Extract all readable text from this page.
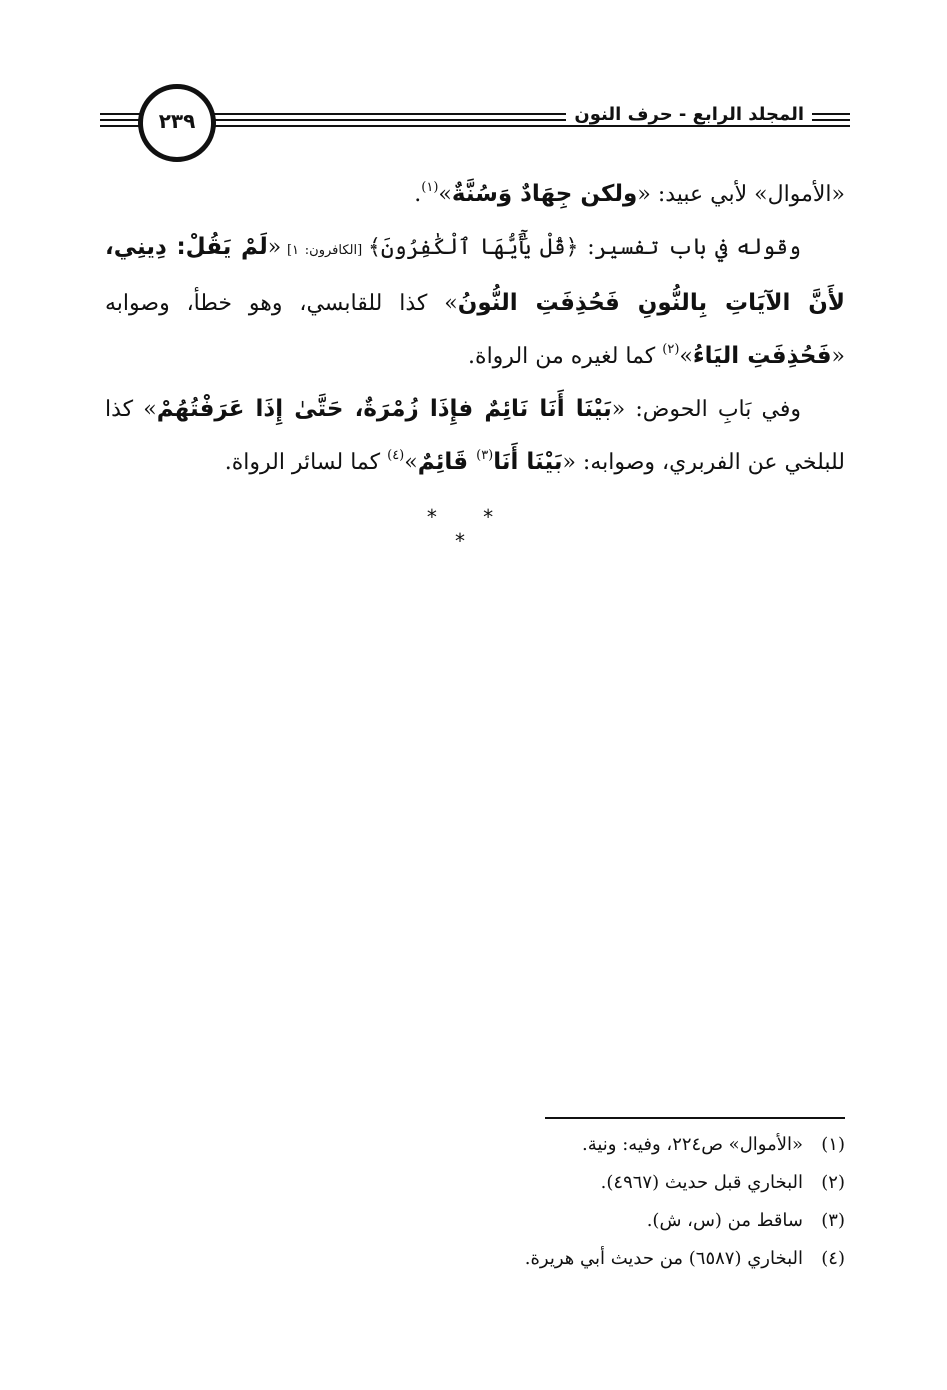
المجلد الرابع - حرف النون
٢٣٩

«الأموال» لأبي عبيد: «ولكن جِهَادٌ وَسُنَّةٌ»$^{(١)}$.

وقوله في باب تفسير: ﴿قُلْ يَٰٓأَيُّهَا ٱلْكَٰفِرُونَ﴾ [الكافرون: ١] «لَمْ يَقُلْ: دِينِي، لأَنَّ الآيَاتِ بِالنُّونِ فَحُذِفَتِ النُّونُ» كذا للقابسي، وهو خطأ، وصوابه «فَحُذِفَتِ اليَاءُ»$^{(٢)}$ كما لغيره من الرواة.

وفي بَابِ الحوض: «بَيْنَا أَنَا نَائِمٌ فإِذَا زُمْرَةٌ، حَتَّىٰ إِذَا عَرَفْتُهُمْ» كذا للبلخي عن الفربري، وصوابه: «بَيْنَا أَنَا$^{(٣)}$ قَائِمٌ»$^{(٤)}$ كما لسائر الرواة.

* * *
(١)
«الأموال» ص٢٢٤، وفيه: ونية.
(٢)
البخاري قبل حديث (٤٩٦٧).
(٣)
ساقط من (س، ش).
(٤)
البخاري (٦٥٨٧) من حديث أبي هريرة.
